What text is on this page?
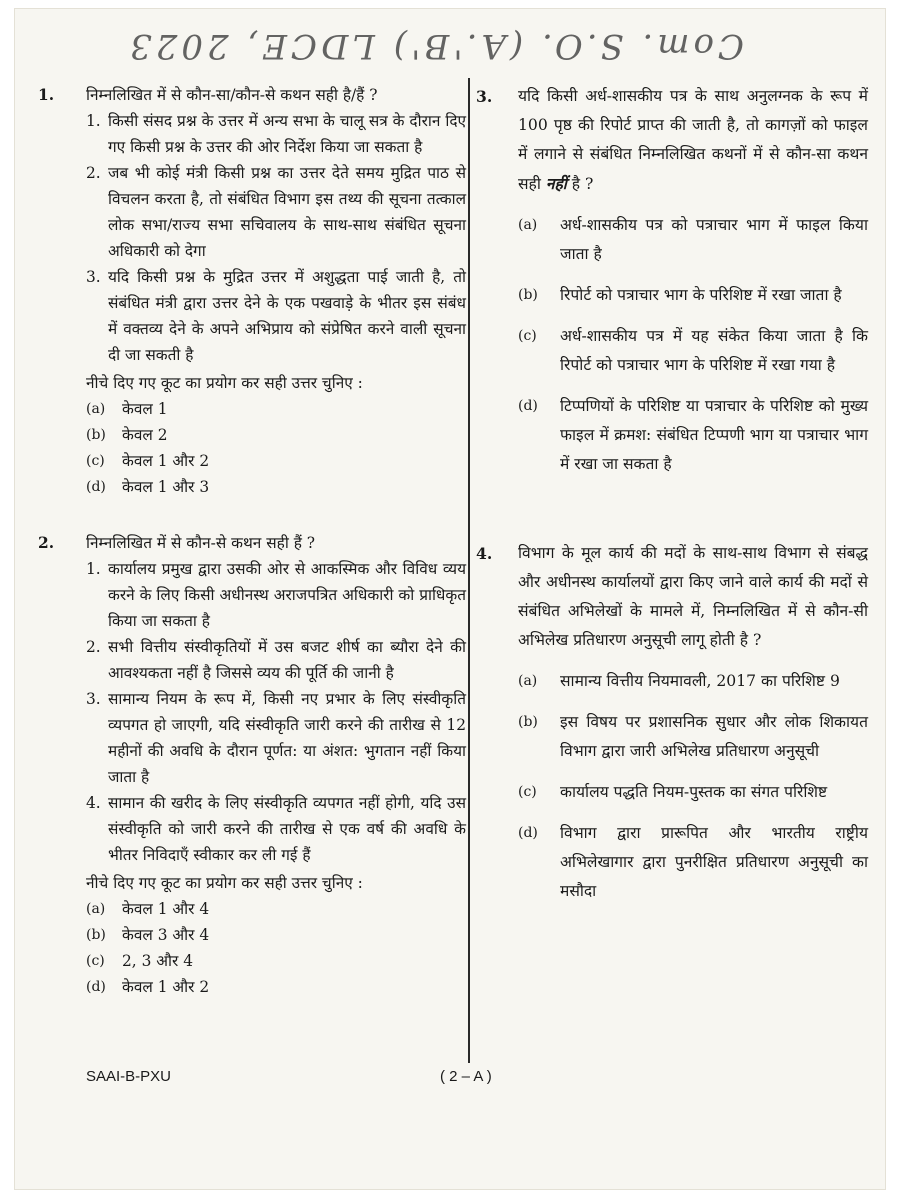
Com. S.O. (A.'B') LDCE, 2023
1. निम्नलिखित में से कौन-सा/कौन-से कथन सही है/हैं ?
1. किसी संसद प्रश्न के उत्तर में अन्य सभा के चालू सत्र के दौरान दिए गए किसी प्रश्न के उत्तर की ओर निर्देश किया जा सकता है
2. जब भी कोई मंत्री किसी प्रश्न का उत्तर देते समय मुद्रित पाठ से विचलन करता है, तो संबंधित विभाग इस तथ्य की सूचना तत्काल लोक सभा/राज्य सभा सचिवालय के साथ-साथ संबंधित सूचना अधिकारी को देगा
3. यदि किसी प्रश्न के मुद्रित उत्तर में अशुद्धता पाई जाती है, तो संबंधित मंत्री द्वारा उत्तर देने के एक पखवाड़े के भीतर इस संबंध में वक्तव्य देने के अपने अभिप्राय को संप्रेषित करने वाली सूचना दी जा सकती है
नीचे दिए गए कूट का प्रयोग कर सही उत्तर चुनिए :
(a) केवल 1
(b) केवल 2
(c) केवल 1 और 2
(d) केवल 1 और 3
2. निम्नलिखित में से कौन-से कथन सही हैं ?
1. कार्यालय प्रमुख द्वारा उसकी ओर से आकस्मिक और विविध व्यय करने के लिए किसी अधीनस्थ अराजपत्रित अधिकारी को प्राधिकृत किया जा सकता है
2. सभी वित्तीय संस्वीकृतियों में उस बजट शीर्ष का ब्यौरा देने की आवश्यकता नहीं है जिससे व्यय की पूर्ति की जानी है
3. सामान्य नियम के रूप में, किसी नए प्रभार के लिए संस्वीकृति व्यपगत हो जाएगी, यदि संस्वीकृति जारी करने की तारीख से 12 महीनों की अवधि के दौरान पूर्णत: या अंशत: भुगतान नहीं किया जाता है
4. सामान की खरीद के लिए संस्वीकृति व्यपगत नहीं होगी, यदि उस संस्वीकृति को जारी करने की तारीख से एक वर्ष की अवधि के भीतर निविदाएँ स्वीकार कर ली गई हैं
नीचे दिए गए कूट का प्रयोग कर सही उत्तर चुनिए :
(a) केवल 1 और 4
(b) केवल 3 और 4
(c) 2, 3 और 4
(d) केवल 1 और 2
3. यदि किसी अर्ध-शासकीय पत्र के साथ अनुलग्नक के रूप में 100 पृष्ठ की रिपोर्ट प्राप्त की जाती है, तो कागज़ों को फाइल में लगाने से संबंधित निम्नलिखित कथनों में से कौन-सा कथन सही नहीं है ?
(a) अर्ध-शासकीय पत्र को पत्राचार भाग में फाइल किया जाता है
(b) रिपोर्ट को पत्राचार भाग के परिशिष्ट में रखा जाता है
(c) अर्ध-शासकीय पत्र में यह संकेत किया जाता है कि रिपोर्ट को पत्राचार भाग के परिशिष्ट में रखा गया है
(d) टिप्पणियों के परिशिष्ट या पत्राचार के परिशिष्ट को मुख्य फाइल में क्रमश: संबंधित टिप्पणी भाग या पत्राचार भाग में रखा जा सकता है
4. विभाग के मूल कार्य की मदों के साथ-साथ विभाग से संबद्ध और अधीनस्थ कार्यालयों द्वारा किए जाने वाले कार्य की मदों से संबंधित अभिलेखों के मामले में, निम्नलिखित में से कौन-सी अभिलेख प्रतिधारण अनुसूची लागू होती है ?
(a) सामान्य वित्तीय नियमावली, 2017 का परिशिष्ट 9
(b) इस विषय पर प्रशासनिक सुधार और लोक शिकायत विभाग द्वारा जारी अभिलेख प्रतिधारण अनुसूची
(c) कार्यालय पद्धति नियम-पुस्तक का संगत परिशिष्ट
(d) विभाग द्वारा प्रारूपित और भारतीय राष्ट्रीय अभिलेखागार द्वारा पुनरीक्षित प्रतिधारण अनुसूची का मसौदा
SAAI-B-PXU	( 2 – A )
